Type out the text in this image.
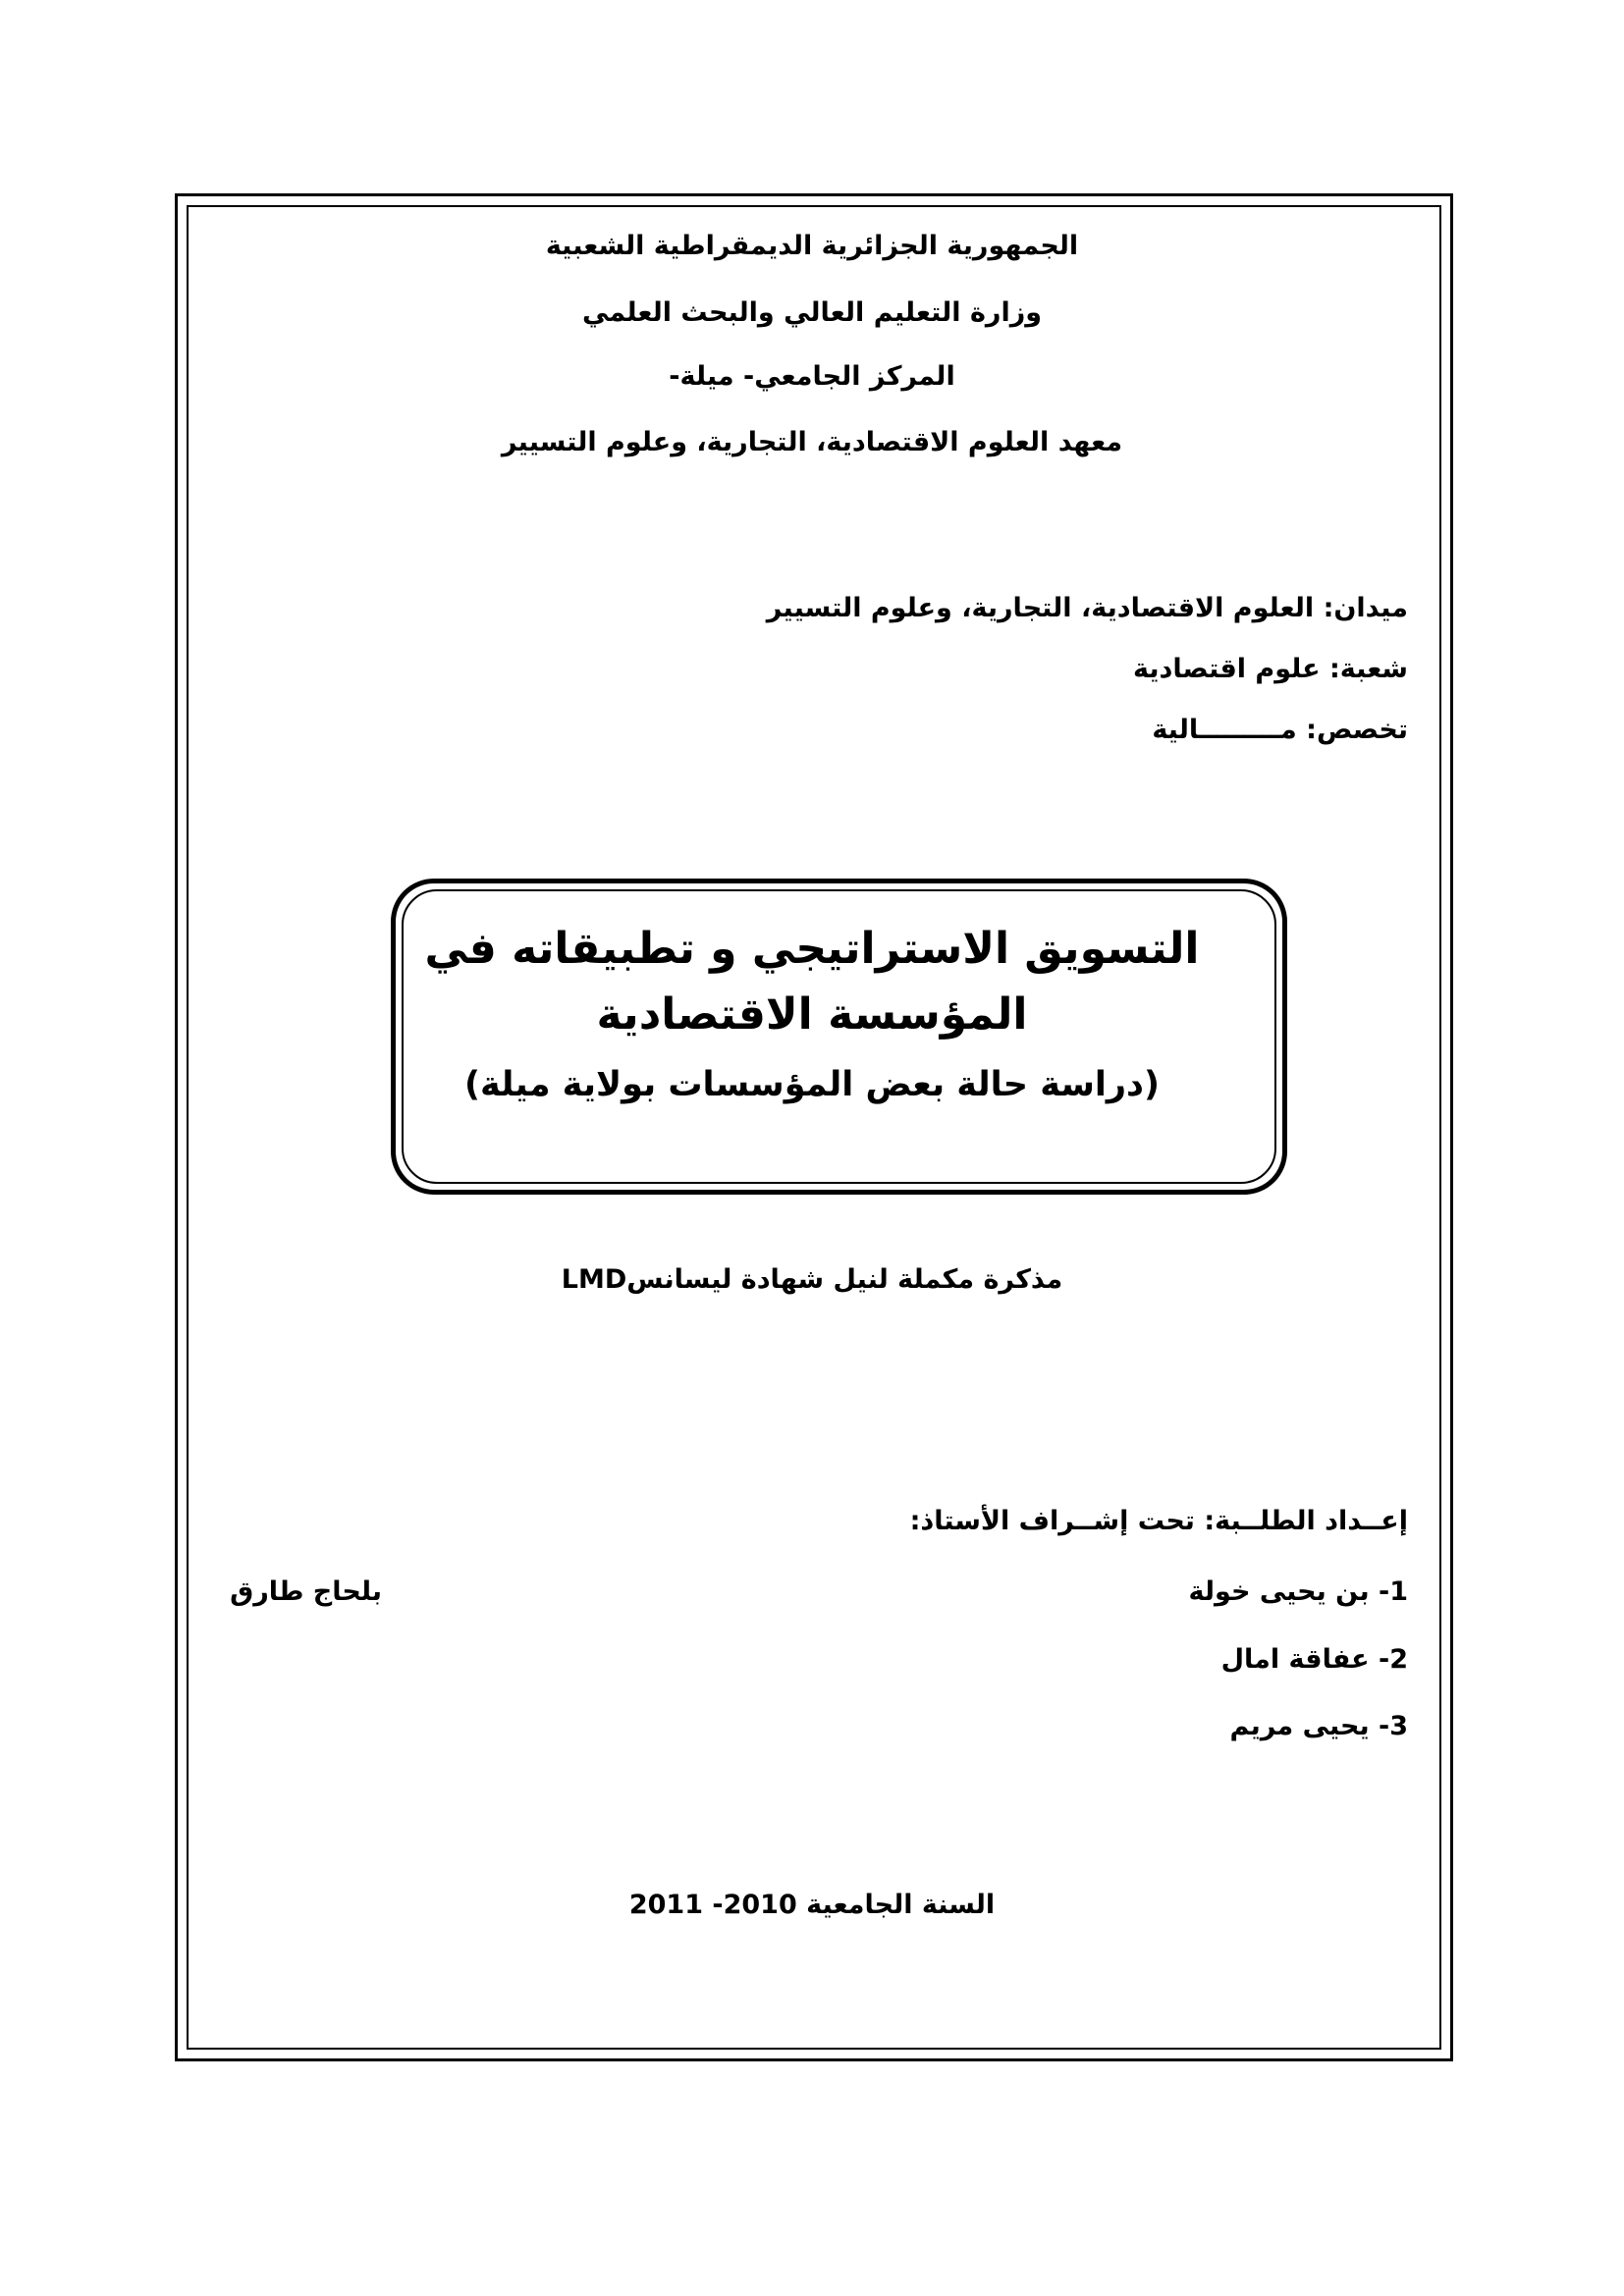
الجمهورية الجزائرية الديمقراطية الشعبية
وزارة التعليم العالي والبحث العلمي
المركز الجامعي- ميلة-
معهد العلوم الاقتصادية، التجارية، وعلوم التسيير
ميدان: العلوم الاقتصادية، التجارية، وعلوم التسيير
شعبة: علوم اقتصادية
تخصص: مـــــــــالية
التسويق الاستراتيجي و تطبيقاته في
المؤسسة الاقتصادية
(دراسة حالة بعض المؤسسات بولاية ميلة)
مذكرة مكملة لنيل شهادة ليسانسLMD
إعــداد الطلــبة: تحت إشــراف الأستاذ:
1- بن يحيى خولة
بلحاج طارق
2- عفاقة امال
3- يحيى مريم
السنة الجامعية 2010- 2011
